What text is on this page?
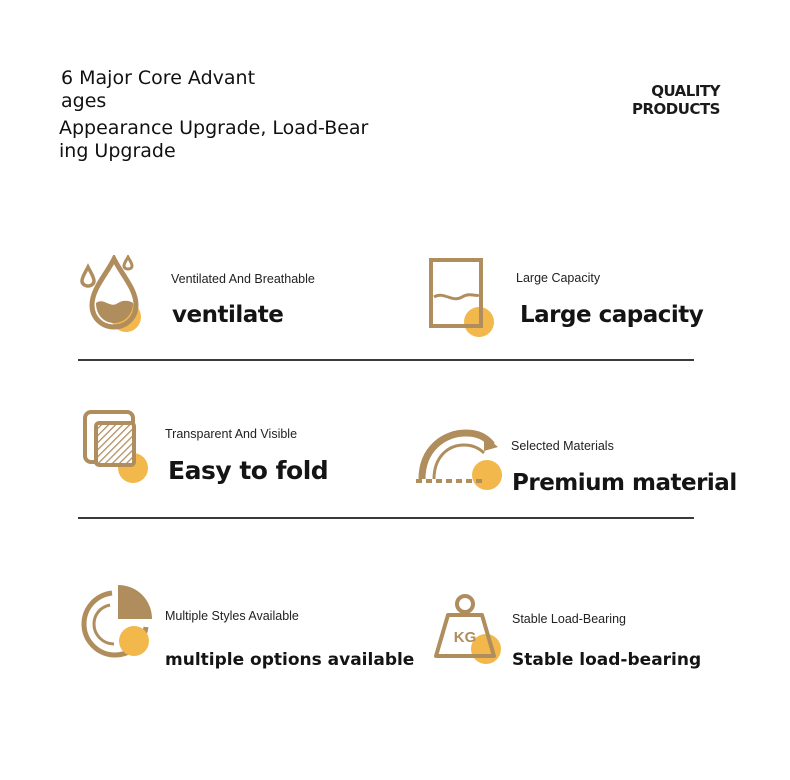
6 Major Core Advantages
Appearance Upgrade, Load-Bearing Upgrade
QUALITY
PRODUCTS
Ventilated And Breathable
ventilate
Large Capacity
Large capacity
Transparent And Visible
Easy to fold
Selected Materials
Premium material
Multiple Styles Available
multiple options available
KG
Stable Load-Bearing
Stable load-bearing
